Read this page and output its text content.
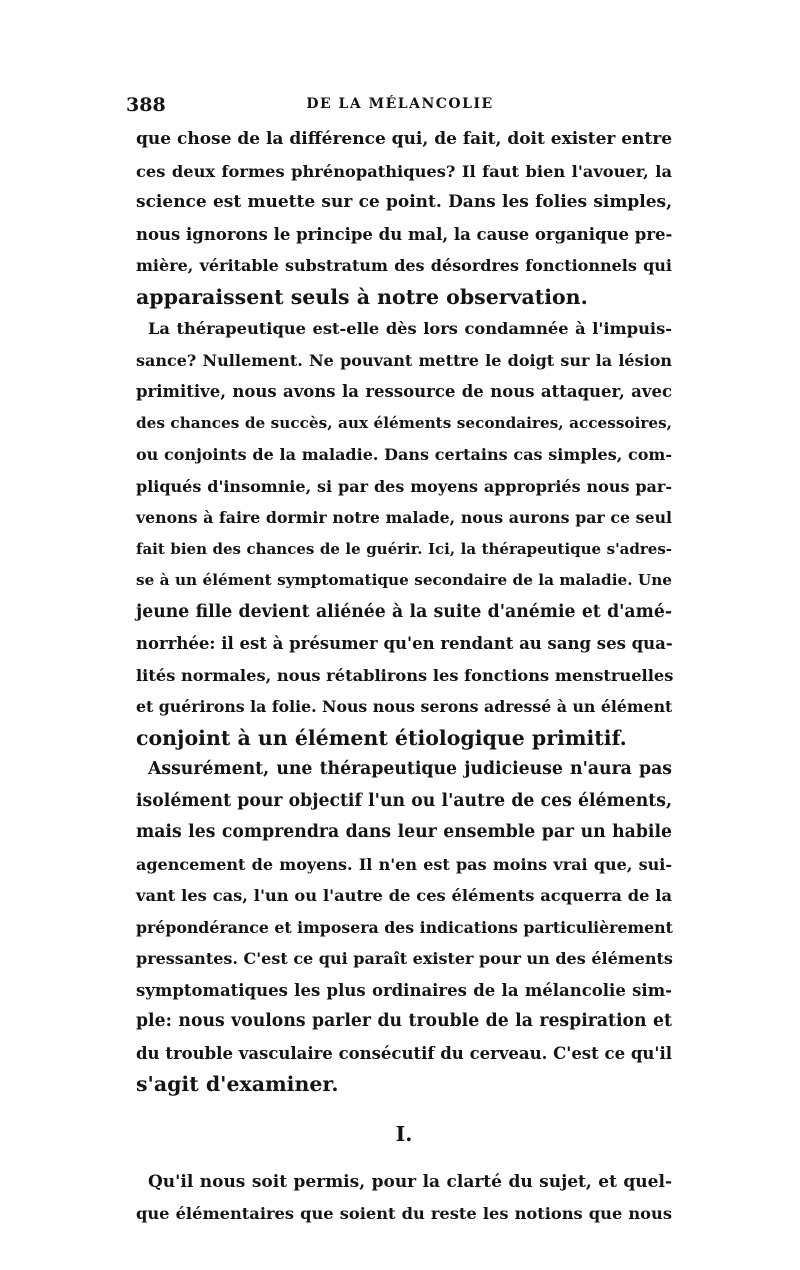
388	DE LA MÉLANCOLIE
que chose de la différence qui, de fait, doit exister entre
ces deux formes phrénopathiques? Il faut bien l'avouer, la
science est muette sur ce point. Dans les folies simples,
nous ignorons le principe du mal, la cause organique pre-
mière, véritable substratum des désordres fonctionnels qui
apparaissent seuls à notre observation.
La thérapeutique est-elle dès lors condamnée à l'impuis-
sance? Nullement. Ne pouvant mettre le doigt sur la lésion
primitive, nous avons la ressource de nous attaquer, avec
des chances de succès, aux éléments secondaires, accessoires,
ou conjoints de la maladie. Dans certains cas simples, com-
pliqués d'insomnie, si par des moyens appropriés nous par-
venons à faire dormir notre malade, nous aurons par ce seul
fait bien des chances de le guérir. Ici, la thérapeutique s'adres-
se à un élément symptomatique secondaire de la maladie. Une
jeune fille devient aliénée à la suite d'anémie et d'amé-
norrhée: il est à présumer qu'en rendant au sang ses qua-
lités normales, nous rétablirons les fonctions menstruelles
et guérirons la folie. Nous nous serons adressé à un élément
conjoint à un élément étiologique primitif.
Assurément, une thérapeutique judicieuse n'aura pas
isolément pour objectif l'un ou l'autre de ces éléments,
mais les comprendra dans leur ensemble par un habile
agencement de moyens. Il n'en est pas moins vrai que, sui-
vant les cas, l'un ou l'autre de ces éléments acquerra de la
prépondérance et imposera des indications particulièrement
pressantes. C'est ce qui paraît exister pour un des éléments
symptomatiques les plus ordinaires de la mélancolie sim-
ple: nous voulons parler du trouble de la respiration et
du trouble vasculaire consécutif du cerveau. C'est ce qu'il
s'agit d'examiner.
I.
Qu'il nous soit permis, pour la clarté du sujet, et quel-
que élémentaires que soient du reste les notions que nous
